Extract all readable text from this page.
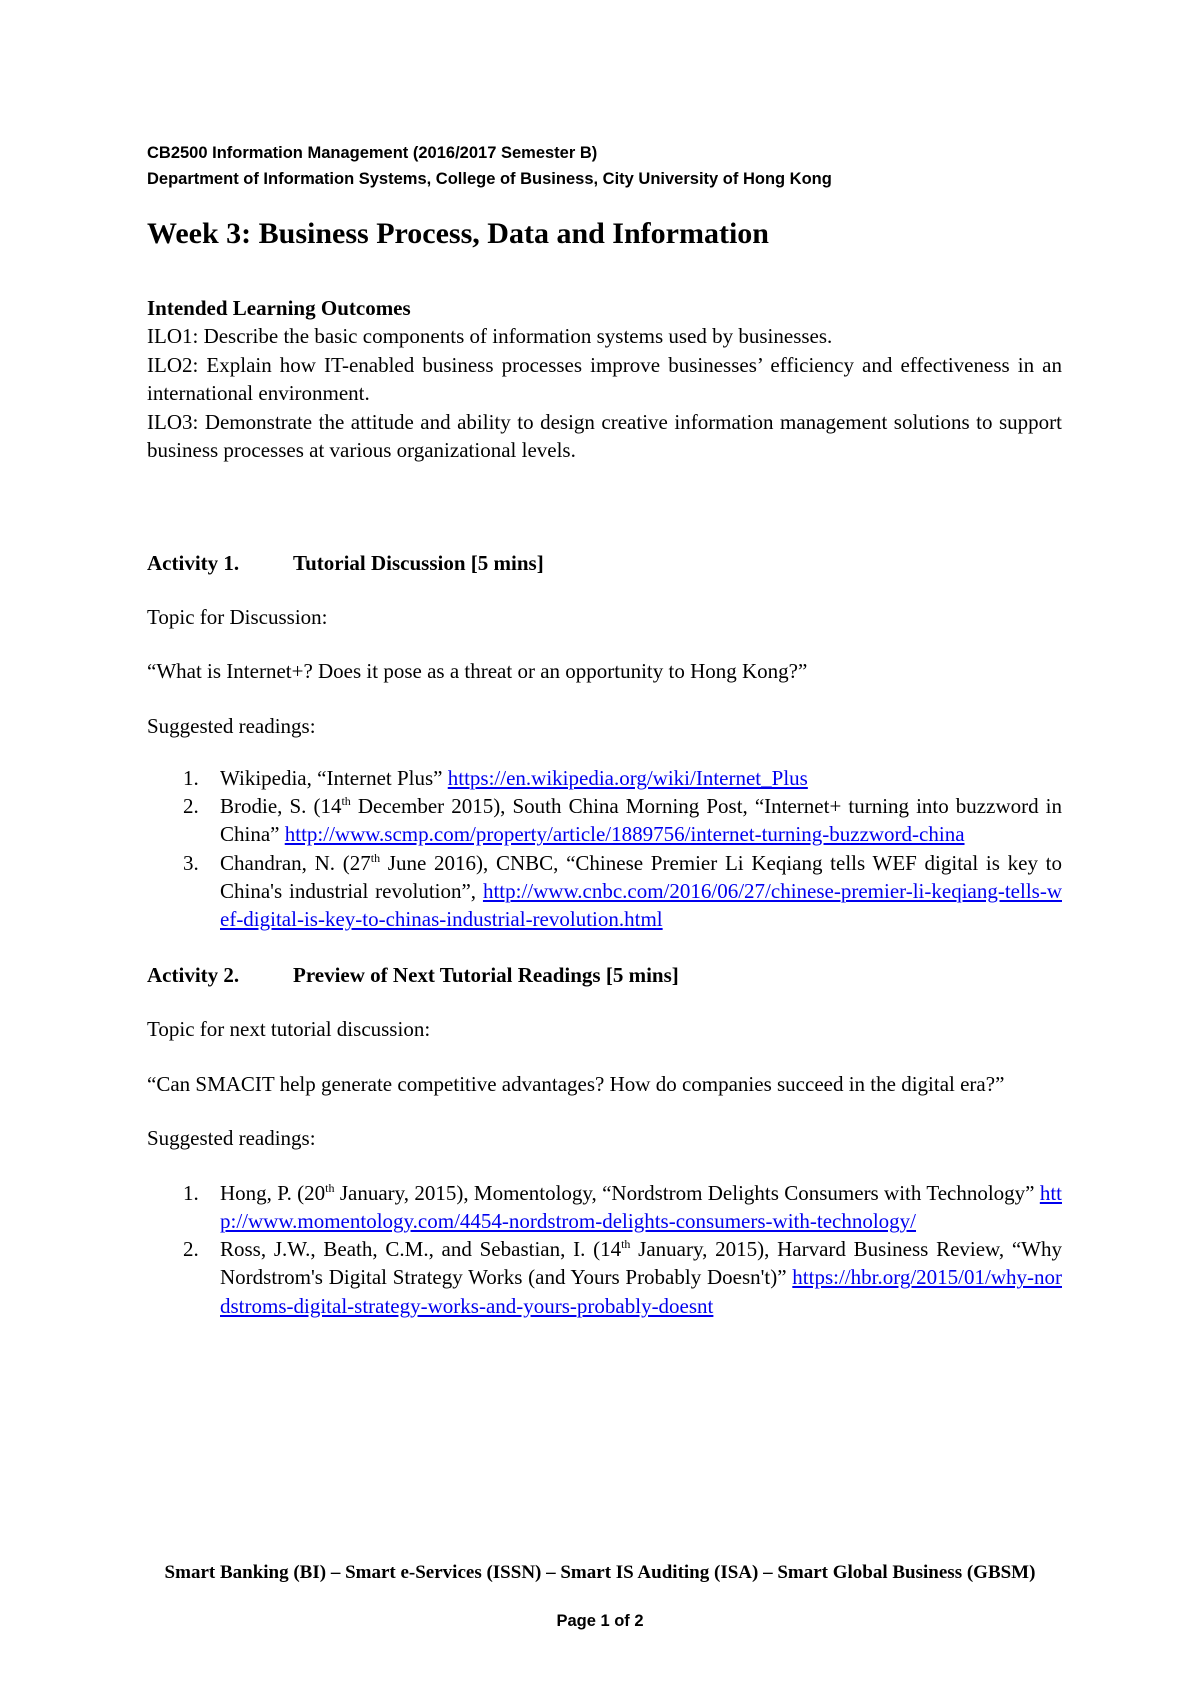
CB2500 Information Management (2016/2017 Semester B)
Department of Information Systems, College of Business, City University of Hong Kong
Week 3: Business Process, Data and Information
Intended Learning Outcomes

ILO1: Describe the basic components of information systems used by businesses.

ILO2: Explain how IT-enabled business processes improve businesses’ efficiency and effectiveness in an international environment.

ILO3: Demonstrate the attitude and ability to design creative information management solutions to support business processes at various organizational levels.

Activity 1.	Tutorial Discussion [5 mins]

Topic for Discussion:

“What is Internet+? Does it pose as a threat or an opportunity to Hong Kong?”

Suggested readings:

1.	Wikipedia, “Internet Plus” https://en.wikipedia.org/wiki/Internet_Plus
2.	Brodie, S. (14th December 2015), South China Morning Post, “Internet+ turning into buzzword in China” http://www.scmp.com/property/article/1889756/internet-turning-buzzword-china
3.	Chandran, N. (27th June 2016), CNBC, “Chinese Premier Li Keqiang tells WEF digital is key to China's industrial revolution”, http://www.cnbc.com/2016/06/27/chinese-premier-li-keqiang-tells-wef-digital-is-key-to-chinas-industrial-revolution.html
Activity 2.	Preview of Next Tutorial Readings [5 mins]

Topic for next tutorial discussion:

“Can SMACIT help generate competitive advantages? How do companies succeed in the digital era?”

Suggested readings:

1.	Hong, P. (20th January, 2015), Momentology, “Nordstrom Delights Consumers with Technology” http://www.momentology.com/4454-nordstrom-delights-consumers-with-technology/
2.	Ross, J.W., Beath, C.M., and Sebastian, I. (14th January, 2015), Harvard Business Review, “Why Nordstrom's Digital Strategy Works (and Yours Probably Doesn't)” https://hbr.org/2015/01/why-nordstroms-digital-strategy-works-and-yours-probably-doesnt
Smart Banking (BI) – Smart e-Services (ISSN) – Smart IS Auditing (ISA) – Smart Global Business (GBSM)
Page 1 of 2
